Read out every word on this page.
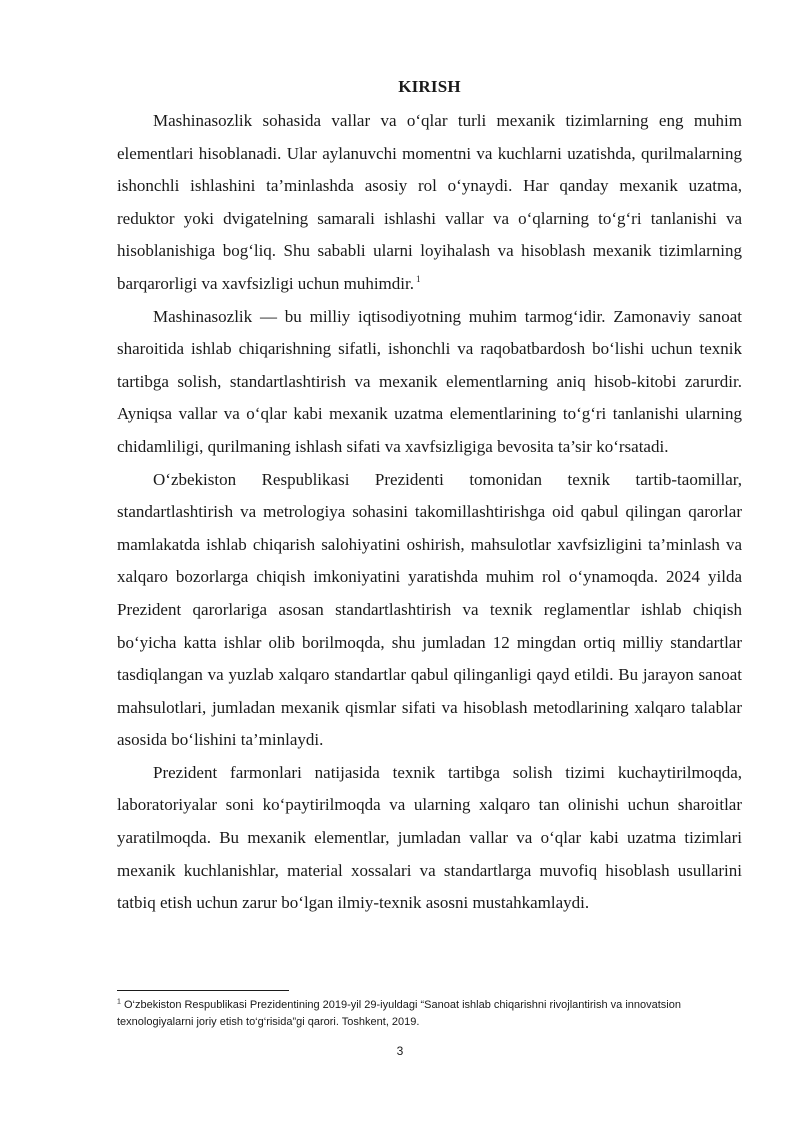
KIRISH

Mashinasozlik sohasida vallar va o‘qlar turli mexanik tizimlarning eng muhim elementlari hisoblanadi. Ular aylanuvchi momentni va kuchlarni uzatishda, qurilmalarning ishonchli ishlashini ta’minlashda asosiy rol o‘ynaydi. Har qanday mexanik uzatma, reduktor yoki dvigatelning samarali ishlashi vallar va o‘qlarning to‘g‘ri tanlanishi va hisoblanishiga bog‘liq. Shu sababli ularni loyihalash va hisoblash mexanik tizimlarning barqarorligi va xavfsizligi uchun muhimdir. $^1$

Mashinasozlik — bu milliy iqtisodiyotning muhim tarmog‘idir. Zamonaviy sanoat sharoitida ishlab chiqarishning sifatli, ishonchli va raqobatbardosh bo‘lishi uchun texnik tartibga solish, standartlashtirish va mexanik elementlarning aniq hisob-kitobi zarurdir. Ayniqsa vallar va o‘qlar kabi mexanik uzatma elementlarining to‘g‘ri tanlanishi ularning chidamliligi, qurilmaning ishlash sifati va xavfsizligiga bevosita ta’sir ko‘rsatadi.

O‘zbekiston Respublikasi Prezidenti tomonidan texnik tartib-taomillar, standartlashtirish va metrologiya sohasini takomillashtirishga oid qabul qilingan qarorlar mamlakatda ishlab chiqarish salohiyatini oshirish, mahsulotlar xavfsizligini ta’minlash va xalqaro bozorlarga chiqish imkoniyatini yaratishda muhim rol o‘ynamoqda. 2024 yilda Prezident qarorlariga asosan standartlashtirish va texnik reglamentlar ishlab chiqish bo‘yicha katta ishlar olib borilmoqda, shu jumladan 12 mingdan ortiq milliy standartlar tasdiqlangan va yuzlab xalqaro standartlar qabul qilinganligi qayd etildi. Bu jarayon sanoat mahsulotlari, jumladan mexanik qismlar sifati va hisoblash metodlarining xalqaro talablar asosida bo‘lishini ta’minlaydi.

Prezident farmonlari natijasida texnik tartibga solish tizimi kuchaytirilmoqda, laboratoriyalar soni ko‘paytirilmoqda va ularning xalqaro tan olinishi uchun sharoitlar yaratilmoqda. Bu mexanik elementlar, jumladan vallar va o‘qlar kabi uzatma tizimlari mexanik kuchlanishlar, material xossalari va standartlarga muvofiq hisoblash usullarini tatbiq etish uchun zarur bo‘lgan ilmiy-texnik asosni mustahkamlaydi.

$^1$ O‘zbekiston Respublikasi Prezidentining 2019-yil 29-iyuldagi “Sanoat ishlab chiqarishni rivojlantirish va innovatsion texnologiyalarni joriy etish to‘g‘risida”gi qarori. Toshkent, 2019.
3
